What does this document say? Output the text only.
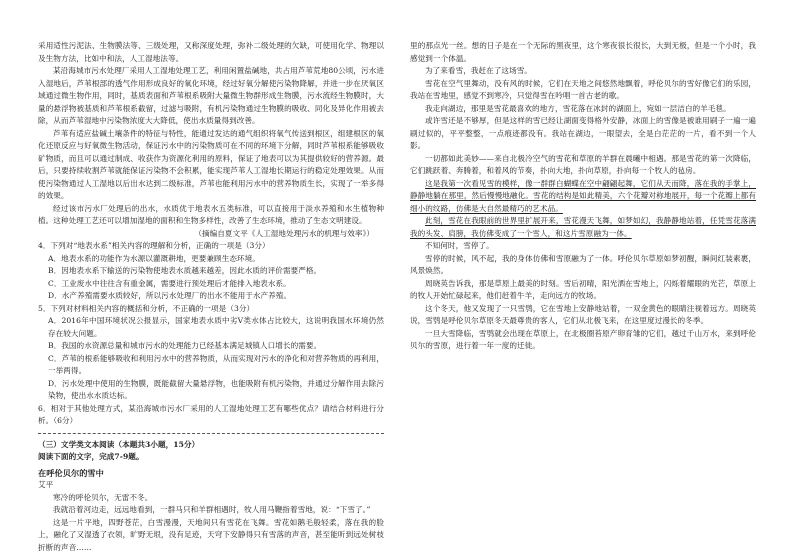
采用适性污泥法、生物膜法等、三级处理，又称深度处理，弥补二级处理的欠缺，可使用化学、物理以及生物方法，比如中和法，人工湿地法等。

某沿海城市污水处理厂采用人工湿地处理工艺，利用闲置盐碱地，共占用芦苇荒地80公顷，污水进入湿地后，芦苇根部的透气作用形成良好的氧化环境，经过好氧分解使污染物降解，并进一步在厌氧区域通过微生物作用，同时，基质表面和芦苇根系吸附大量微生物群形成生物膜，污水流经生物膜时，大量的悬浮物被基质和芦苇根系截留，过滤与吸附，有机污染物通过生物膜的吸收、同化及异化作用被去除，从而芦苇湿地中污染物浓度大大降低，使出水质量得到改善。

芦苇有适应盐碱土壤条件的特征与特性，能通过发达的通气组织将氧气传送到根区，组建根区的氧化还原反应与好氧微生物活动，保证污水中的污染物质可在不同的环境下分解，同时芦苇根系能够吸收矿物质，而且可以通过制成、收获作为资源化利用的原料，保证了地表可以为其提供较好的营养源。最后，只要持续收割芦苇就能保证污染物不会积累，能实现芦苇人工湿地长期运行的稳定处理效果。从而使污染物通过人工湿地以后出水达到二级标准，芦苇也能利用污水中的营养物质生长，实现了一举多得的效果。

经过该市污水厂处理后的出水，水质优于地表水五类标准，可以直接用于淡水养殖和水生植物种植。这种处理工艺还可以增加湿地的面积和生物多样性，改善了生态环境，推动了生态文明建设。

（摘编自夏文平《人工湿地处理污水的机理与效率》）

4．下列对“地表水系”相关内容的理解和分析，正确的一项是（3分）

A．地表水系的功能作为水源以灌溉耕地，更要兼顾生态环境。

B．因地表水系下输送的污染物使地表水质越来越差，因此水质的评价需要严格。

C．工业废水中往往含有重金属，需要进行预处理后才能排入地表水系。

D．水产养殖需要水质较好，所以污水处理厂的出水不能用于水产养殖。

5．下列对材料相关内容的概括和分析，不正确的一项是（3分）

A．2016年中国环境状况公报显示，国家地表水质中劣V类水体占比较大，这说明我国水环境仍然存在较大问题。

B．我国的水资源总量和城市污水的处理能力已经基本满足城镇人口增长的需要。

C．芦苇的根系能够吸收和利用污水中的营养物质，从而实现对污水的净化和对营养物质的再利用，一举两得。

D．污水处理中使用的生物膜，既能截留大量悬浮物，也能吸附有机污染物，并通过分解作用去除污染物，使出水水质达标。

6．相对于其他处理方式，某沿海城市污水厂采用的人工湿地处理工艺有哪些优点？请结合材料进行分析。（6分）

（三）文学类文本阅读（本题共3小题，15分）

阅读下面的文字，完成7-9题。

在呼伦贝尔的雪中

艾平

寒冷的呼伦贝尔，无雷不冬。

我就沿着河边走，远远地看到，一群马只和羊群相遇时，牧人用马鞭指着雪地，说：“下雪了。”

这是一片平地，四野苍茫，白雪漫漫，天地间只有雪花在飞舞。雪花如鹅毛般轻柔，落在我的脸上，融化了又湿透了衣领，旷野无垠，没有足迹，天穹下安静得只有雪落的声音，甚至能听到远处树枝折断的声音……

里的那点光一丝。想的日子是在一个无际的黑夜里，这个寒夜很长很长，大到无极，但是一个小时，我感觉到一个体温。

为了来看雪，我赶在了这场雪。

雪花在空气里舞动，没有风的时候，它们在天地之间悠然地飘着，呼伦贝尔的雪好像它们的乐园，我站在雪地里，感觉不到寒冷，只觉得雪在吟唱一首古老的歌。

我走向湖边，那里是雪花最喜欢的地方，雪花落在冰封的湖面上，宛如一层洁白的羊毛毯。

或许雪还是不够厚，但是这样的雪已经让湖面变得格外安静，冰面上的雪像是被谁用刷子一遍一遍刷过似的，平平整整，一点痕迹都没有。我站在湖边，一眼望去，全是白茫茫的一片，看不到一个人影。

一切都如此美妙——来自北极冷空气的雪花和草原的羊群在晨曦中相遇。那是雪花的第一次降临，它们跳跃着、奔腾着，和着风的节奏，扑向大地，扑向草原，扑向每一个牧人的毡房。

这是我第一次看见雪的模样，像一群群白蝴蝶在空中翩翩起舞，它们从天而降，落在我的手掌上，静静地躺在那里，然后慢慢地融化。雪花的结构是如此精美，六个花瓣对称地展开，每一个花瓣上都有细小的纹路，仿佛是大自然最精巧的艺术品。

此刻，雪花在我眼前的世界里扩展开来，雪花漫天飞舞，如梦如幻，我静静地站着，任凭雪花落满我的头发、肩膀，我仿佛变成了一个雪人，和这片雪原融为一体。

不知何时，雪停了。

雪停的时候，风不起，我的身体仿佛和雪原融为了一体。呼伦贝尔草原如梦初醒，瞬间红装素裹，风景焕然。

周晓英告诉我，那是草原上最美的时刻。雪后初晴，阳光洒在雪地上，闪烁着耀眼的光芒，草原上的牧人开始忙碌起来，他们赶着牛羊，走向远方的牧场。

这个冬天，他又发现了一只雪鸮，它在雪地上安静地站着，一双金黄色的眼睛注视着远方。周晓英说，雪鸮是呼伦贝尔草原冬天最尊贵的客人，它们从北极飞来，在这里度过漫长的冬季。

一旦大雪降临，雪鸮就会出现在草原上，在北极圈苔原产卵育雏的它们，越过千山万水，来到呼伦贝尔的雪原，进行着一年一度的迁徙。
